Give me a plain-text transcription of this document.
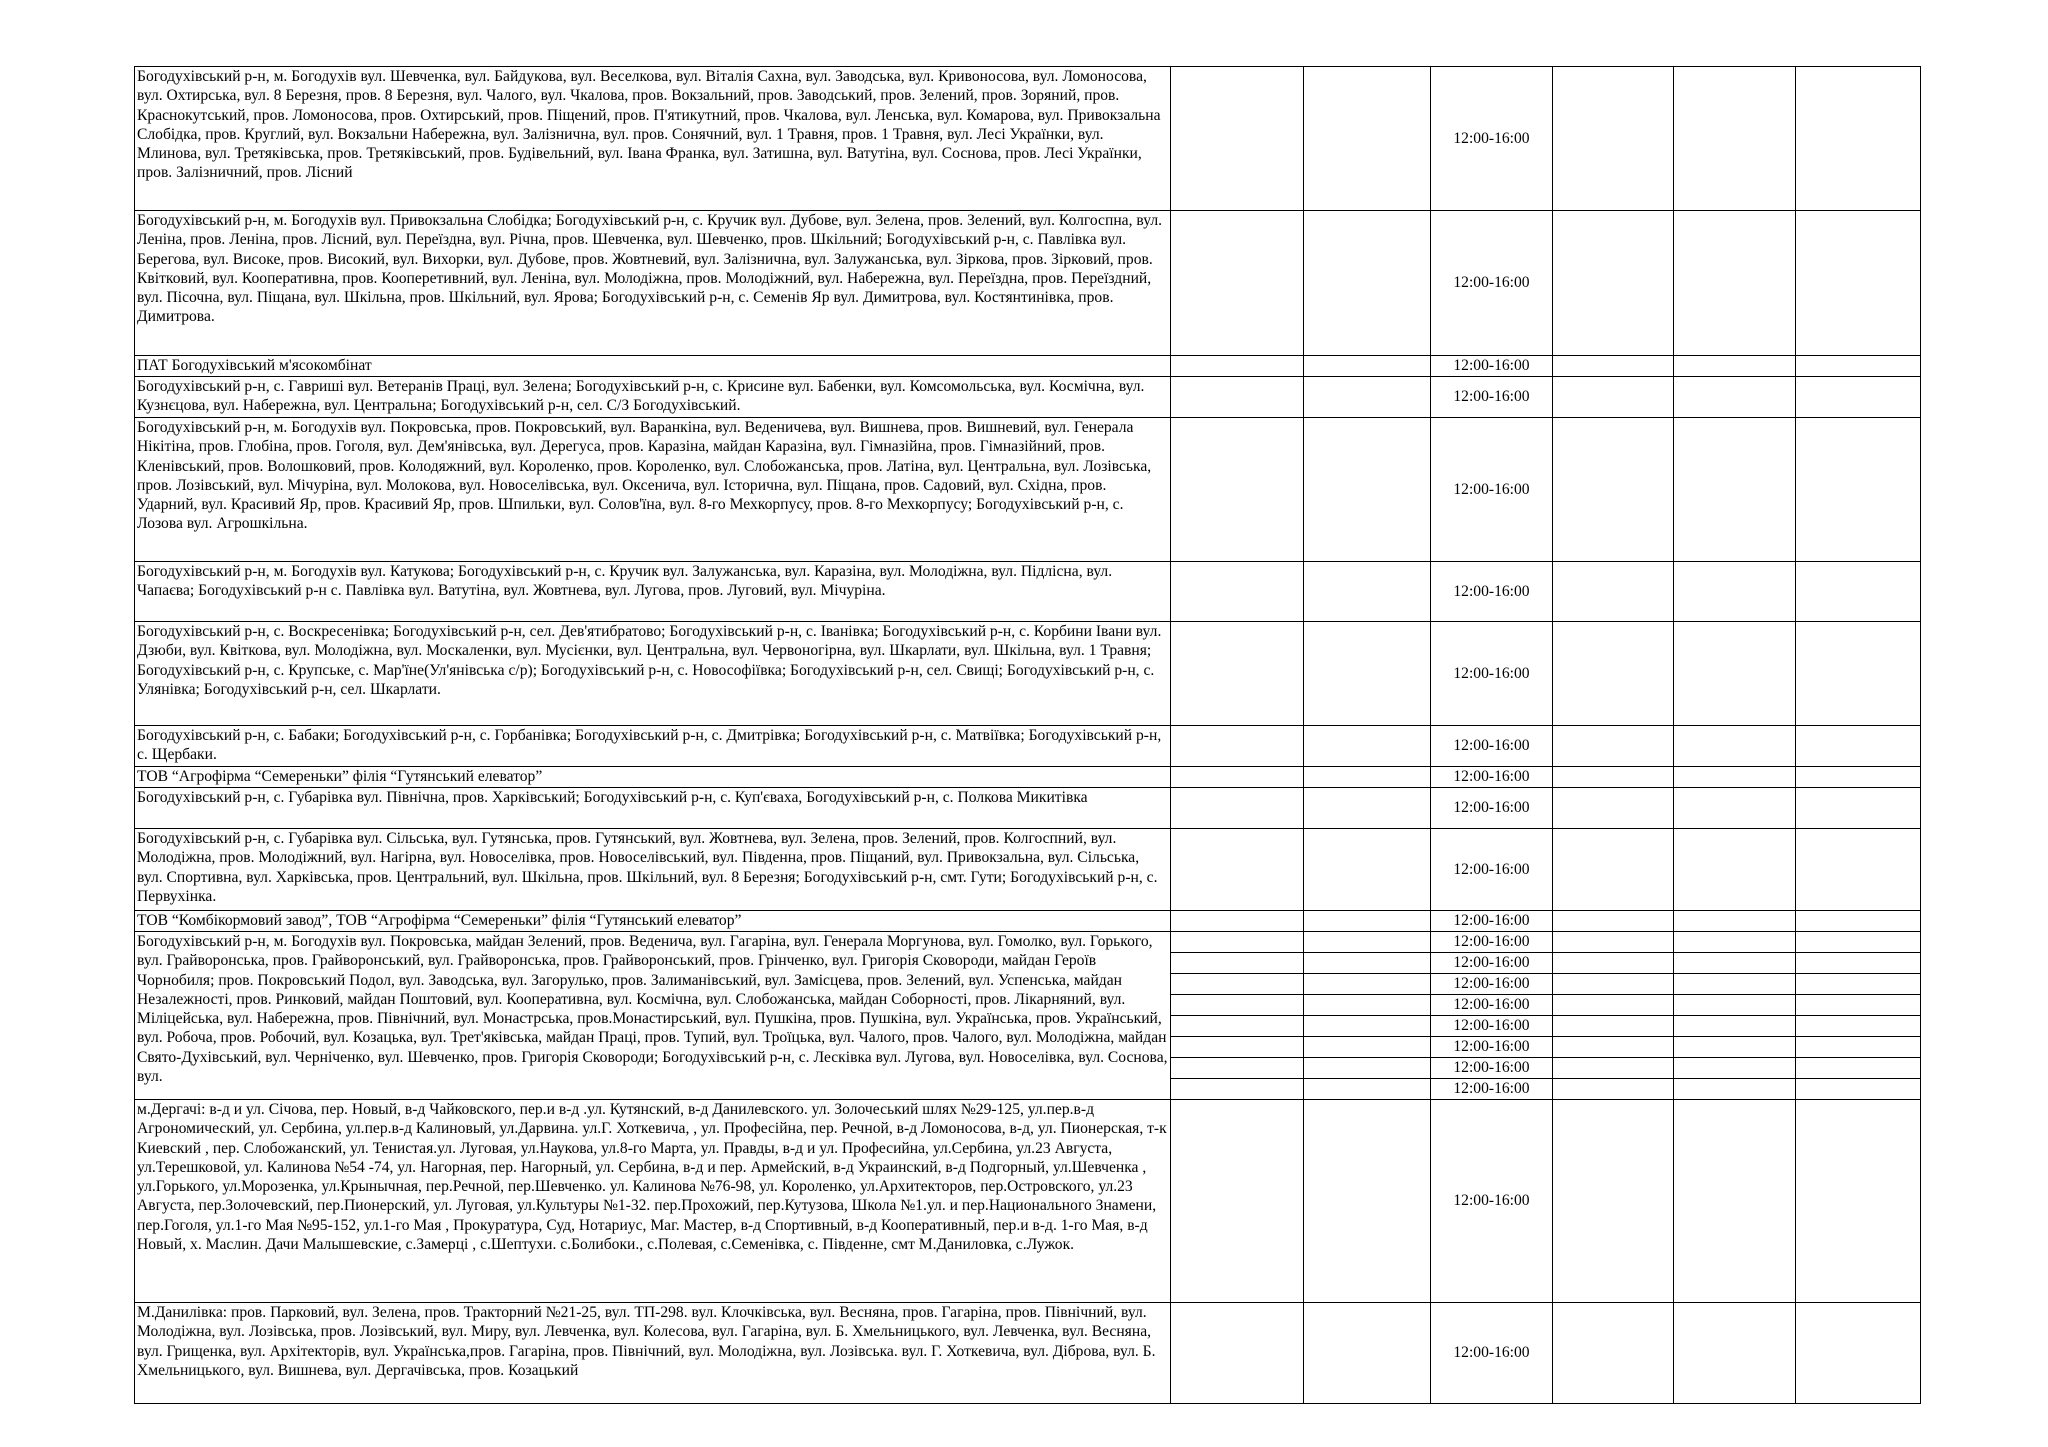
Богодухівський р-н, м. Богодухів вул. Шевченка, вул. Байдукова, вул. Веселкова, вул. Віталія Сахна, вул. Заводська, вул. Кривоносова, вул. Ломоносова, вул. Охтирська, вул. 8 Березня, пров. 8 Березня, вул. Чалого, вул. Чкалова, пров. Вокзальний, пров. Заводський, пров. Зелений, пров. Зоряний, пров. Краснокутський, пров. Ломоносова, пров. Охтирський, пров. Піщений, пров. П'ятикутний, пров. Чкалова, вул. Ленська, вул. Комарова, вул. Привокзальна Слобідка, пров. Круглий, вул. Вокзальни Набережна, вул. Залізнична, вул. пров. Сонячний, вул. 1 Травня, пров. 1 Травня, вул. Лесі Українки, вул. Млинова, вул. Третяківська, пров. Третяківський, пров. Будівельний, вул. Івана Франка, вул. Затишна, вул. Ватутіна, вул. Соснова, пров. Лесі Українки, пров. Залізничний, пров. Лісний			12:00-16:00			
Богодухівський р-н, м. Богодухів вул. Привокзальна Слобідка; Богодухівський р-н, с. Кручик вул. Дубове, вул. Зелена, пров. Зелений, вул. Колгоспна, вул. Леніна, пров. Леніна, пров. Лісний, вул. Переїздна, вул. Річна, пров. Шевченка, вул. Шевченко, пров. Шкільний; Богодухівський р-н, с. Павлівка вул. Берегова, вул. Високе, пров. Високий, вул. Вихорки, вул. Дубове, пров. Жовтневий, вул. Залізнична, вул. Залужанська, вул. Зіркова, пров. Зірковий, пров. Квітковий, вул. Кооперативна, пров. Коопeретивний, вул. Леніна, вул. Молодіжна, пров. Молодіжний, вул. Набережна, вул. Переїздна, пров. Переїздний, вул. Пісочна, вул. Піщана, вул. Шкільна, пров. Шкільний, вул. Ярова; Богодухівський р-н, с. Семенів Яр вул. Димитрова, вул. Костянтинівка, пров. Димитрова.			12:00-16:00			
ПАТ Богодухівський м'ясокомбінат			12:00-16:00			
Богодухівський р-н, с. Гавриші вул. Ветеранів Праці, вул. Зелена; Богодухівський р-н, с. Крисине вул. Бабенки, вул. Комсомольська, вул. Космічна, вул. Кузнєцова, вул. Набережна, вул. Центральна; Богодухівський р-н, сел. С/З Богодухівський.			12:00-16:00			
Богодухівський р-н, м. Богодухів вул. Покровська, пров. Покровський, вул. Варанкіна, вул. Веденичева, вул. Вишнева, пров. Вишневий, вул. Генерала Нікітіна, пров. Глобіна, пров. Гоголя, вул. Дем'янівська, вул. Дерегуса, пров. Каразіна, майдан Каразіна, вул. Гімназійна, пров. Гімназійний, пров. Кленівський, пров. Волошковий, пров. Колодяжний, вул. Короленко, пров. Короленко, вул. Слобожанська, пров. Латіна, вул. Центральна, вул. Лозівська, пров. Лозівський, вул. Мічуріна, вул. Молокова, вул. Новоселівська, вул. Оксенича, вул. Історична, вул. Піщана, пров. Садовий, вул. Східна, пров. Ударний, вул. Красивий Яр, пров. Красивий Яр, пров. Шпильки, вул. Солов'їна, вул. 8-го Мехкорпусу, пров. 8-го Мехкорпусу; Богодухівський р-н, с. Лозова вул. Агрошкільна.			12:00-16:00			
Богодухівський р-н, м. Богодухів вул. Катукова; Богодухівський р-н, с. Кручик вул. Залужанська, вул. Каразіна, вул. Молодіжна, вул. Підлісна, вул. Чапаєва; Богодухівський р-н с. Павлівка вул. Ватутіна, вул. Жовтнева, вул. Лугова, пров. Луговий, вул. Мічуріна.			12:00-16:00			
Богодухівський р-н, с. Воскресенівка; Богодухівський р-н, сел. Дев'ятибратово; Богодухівський р-н, с. Іванівка; Богодухівський р-н, с. Корбини Івани вул. Дзюби, вул. Квіткова, вул. Молодіжна, вул. Москаленки, вул. Мусієнки, вул. Центральна, вул. Червоногірна, вул. Шкарлати, вул. Шкільна, вул. 1 Травня; Богодухівський р-н, с. Крупське, с. Мар'їне(Ул'янівська с/р); Богодухівський р-н, с. Новософіївка; Богодухівський р-н, сел. Свищі; Богодухівський р-н, с. Улянівка; Богодухівський р-н, сел. Шкарлати.			12:00-16:00			
Богодухівський р-н, с. Бабаки; Богодухівський р-н, с. Горбанівка; Богодухівський р-н, с. Дмитрівка; Богодухівський р-н, с. Матвіївка; Богодухівський р-н, с. Щербаки.			12:00-16:00			
ТОВ “Агрофірма “Семереньки” філія “Гутянський елеватор”			12:00-16:00			
Богодухівський р-н, с. Губарівка вул. Північна, пров. Харківський; Богодухівський р-н, с. Куп'єваха, Богодухівський р-н, с. Полкова Микитівка			12:00-16:00			
Богодухівський р-н, с. Губарівка вул. Сільська, вул. Гутянська, пров. Гутянський, вул. Жовтнева, вул. Зелена, пров. Зелений, пров. Колгоспний, вул. Молодіжна, пров. Молодіжний, вул. Нагірна, вул. Новоселівка, пров. Новоселівський, вул. Південна, пров. Піщаний, вул. Привокзальна, вул. Сільська, вул. Спортивна, вул. Харківська, пров. Центральний, вул. Шкільна, пров. Шкільний, вул. 8 Березня; Богодухівський р-н, смт. Гути; Богодухівський р-н, с. Первухінка.			12:00-16:00			
ТОВ “Комбікормовий завод”, ТОВ “Агрофірма “Семереньки” філія “Гутянський елеватор”			12:00-16:00			
Богодухівський р-н, м. Богодухів вул. Покровська, майдан Зелений, пров. Веденича, вул. Гагаріна, вул. Генерала Моргунова, вул. Гомолко, вул. Горького, вул. Грайворонська, пров. Грайворонський, вул. Грайворонська, пров. Грайворонський, пров. Грінченко, вул. Григорія Сковороди, майдан Героїв Чорнобиля; пров. Покровський Подол, вул. Заводська, вул. Загорулько, пров. Залиманівський, вул. Замісцева, пров. Зелений, вул. Успенська, майдан Незалежності, пров. Ринковий, майдан Поштовий, вул. Кооперативна, вул. Космічна, вул. Слобожанська, майдан Соборності, пров. Лікарняний, вул. Міліцейська, вул. Набережна, пров. Північний, вул. Монастрська, пров.Монастирський, вул. Пушкіна, пров. Пушкіна, вул. Українська, пров. Український, вул. Робоча, пров. Робочий, вул. Козацька, вул. Трет'яківська, майдан Праці, пров. Тупий, вул. Троїцька, вул. Чалого, пров. Чалого, вул. Молодіжна, майдан Свято-Духівський, вул. Черніченко, вул. Шевченко, пров. Григорія Сковороди; Богодухівський р-н, с. Лесківка вул. Лугова, вул. Новоселівка, вул. Соснова, вул.			12:00-16:00			
			12:00-16:00			
			12:00-16:00			
			12:00-16:00			
			12:00-16:00			
			12:00-16:00			
			12:00-16:00			
			12:00-16:00			
м.Дергачі: в-д и ул. Січова, пер. Новый, в-д Чайковского, пер.и в-д .ул. Кутянский, в-д Данилевского. ул. Золочеський шлях №29-125, ул.пер.в-д Агрономический, ул. Сербина, ул.пер.в-д Калиновый, ул.Дарвина. ул.Г. Хоткевича, , ул. Професійна, пер. Речной, в-д Ломоносова, в-д, ул. Пионерская, т-к Киевский , пер. Слобожанский, ул. Тенистая.ул. Луговая, ул.Наукова, ул.8-го Марта, ул. Правды, в-д и ул. Професийна, ул.Сербина, ул.23 Августа, ул.Терешковой, ул. Калинова №54 -74, ул. Нагорная, пер. Нагорный, ул. Сербина, в-д и пер. Армейский, в-д Украинский, в-д Подгорный, ул.Шевченка , ул.Горького, ул.Морозенка, ул.Крынычная, пер.Речной, пер.Шевченко. ул. Калинова №76-98, ул. Короленко, ул.Архитекторов, пер.Островского, ул.23 Августа, пер.Золочевский, пер.Пионерский, ул. Луговая, ул.Культуры №1-32. пер.Прохожий, пер.Кутузова, Школа №1.ул. и пер.Национального Знамени, пер.Гоголя, ул.1-го Мая №95-152, ул.1-го Мая , Прокуратура, Суд, Нотариус, Маг. Мастер, в-д Спортивный, в-д Кооперативный, пер.и в-д. 1-го Мая, в-д Новый, х. Маслин. Дачи Малышевские, с.Замерці , с.Шептухи. с.Болибоки., с.Полевая, с.Семенівка, с. Південне, смт М.Даниловка, с.Лужок.			12:00-16:00			
М.Данилівка: пров. Парковий, вул. Зелена, пров. Тракторний №21-25, вул. ТП-298. вул. Клочківська, вул. Весняна, пров. Гагаріна, пров. Північний, вул. Молодіжна, вул. Лозівська, пров. Лозівський, вул. Миру, вул. Левченка, вул. Колесова, вул. Гагаріна, вул. Б. Хмельницького, вул. Левченка, вул. Весняна, вул. Грищенка, вул. Архітекторів, вул. Українська,пров. Гагаріна, пров. Північний, вул. Молодіжна, вул. Лозівська. вул. Г. Хоткевича, вул. Діброва, вул. Б. Хмельницького, вул. Вишнева, вул. Дергачівська, пров. Козацький			12:00-16:00			
